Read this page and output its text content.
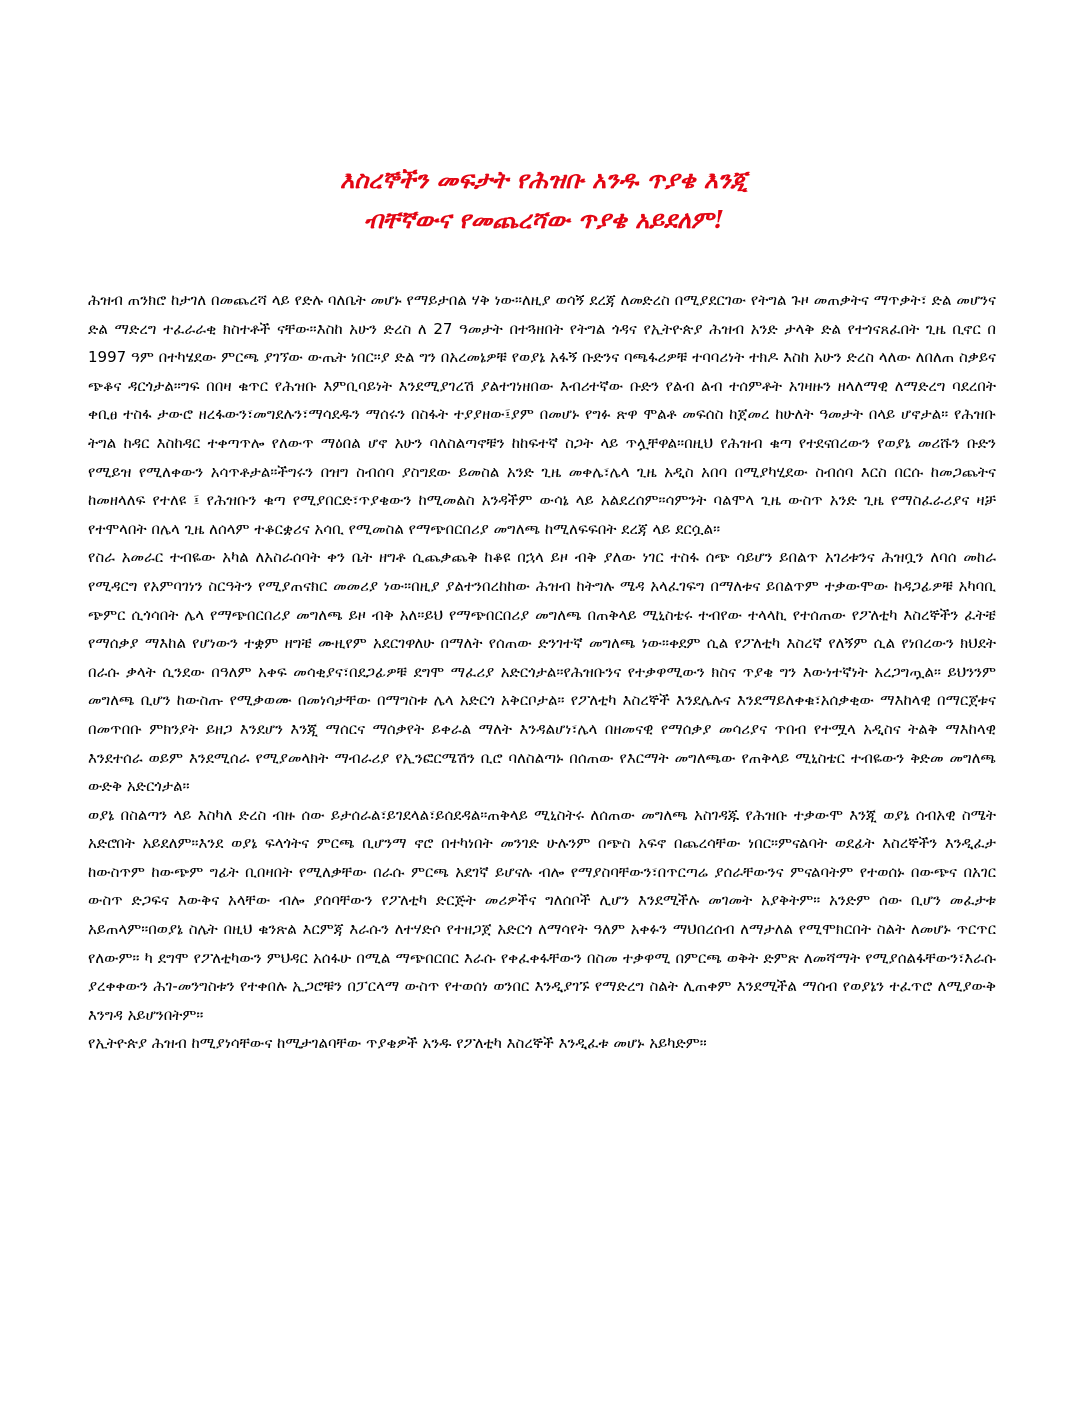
እስረኞችን መፍታት የሕዝቡ አንዱ ጥያቄ እንጂ
ብቸኛውና የመጨረሻው ጥያቄ አይደለም!

ሕዝብ ጠንክሮ ከታገለ በመጨረሻ ላይ የድሉ ባለቤት መሆኑ የማይታበል ሃቅ ነው።ለዚያ ወሳኝ ደረጃ ለመድረስ በሚያደርገው የትግል ጉዞ መጠቃትና ማጥቃት፣ ድል መሆንና ድል ማድረግ ተፈራራቂ ክስተቶች ናቸው።እስከ አሁን ድረስ ለ 27 ዓመታት በተጓዘበት የትግል ጎዳና የኢትዮጵያ ሕዝብ አንድ ታላቅ ድል የተጎናጸፈበት ጊዜ ቢኖር በ 1997 ዓም በተካሄደው ምርጫ ያገኘው ውጤት ነበር።ያ ድል ግን በአረመኔዎቹ የወያኔ አፋኝ ቡድንና ባጫፋሪዎቹ ተባባሪነት ተክዶ እስከ አሁን ድረስ ላለው ለበለጠ ስቃይና ጭቆና ዳርጎታል።ግፍ በበዛ ቁጥር የሕዝቡ እምቢባይነት እንደሚያገረሽ ያልተገነዘበው እብሪተኛው ቡድን የልብ ልብ ተሰምቶት አገዛዙን ዘላለማዊ ለማድረግ ባደረበት ቀቢፀ ተስፋ ታውሮ ዘረፋውን፣መግደሉን፣ማሳደዱን ማሰሩን በስፋት ተያያዘው፤ያም በመሆኑ የግፉ ጽዋ ሞልቶ መፍሰስ ከጀመረ ከሁለት ዓመታት በላይ ሆኖታል። የሕዝቡ ትግል ከዳር እስከዳር ተቀጣጥሎ የለውጥ ማዕበል ሆኖ አሁን ባለስልጣኖቹን ከከፍተኛ ስጋት ላይ ጥሏቸዋል።በዚህ የሕዝብ ቁጣ የተደናበረውን የወያኔ መሪሹን ቡድን የሚይዝ የሚለቀውን አሳጥቶታል።ችግሩን በዝግ ስብሰባ ያስግደው ይመስል አንድ ጊዜ መቀሌ፣ሌላ ጊዜ አዲስ አበባ በሚያካሂደው ስብሰባ እርስ በርሱ ከመጋጨትና ከመዘላለፍ የተለዩ ፤ የሕዝቡን ቁጣ የሚያበርድ፣ጥያቄውን ከሚመልስ አንዳችም ውሳኔ ላይ አልደረሰም።ሳምንት ባልሞላ ጊዜ ውስጥ አንድ ጊዜ የማስፈራሪያና ዛቻ የተሞላበት በሌላ ጊዜ ለሰላም ተቆርቋሪና አሳቢ የሚመስል የማጭበርበሪያ መግለጫ ከሚለፍፍበት ደረጃ ላይ ደርሷል።

የስራ አመራር ተብዬው አካል ለአስራሰባት ቀን ቤት ዘግቶ ሲጨቃጨቅ ከቆዩ በኋላ ይዞ ብቅ ያለው ነገር ተስፋ ሰጭ ሳይሆን ይበልጥ አገሪቱንና ሕዝቧን ለባሰ መከራ የሚዳርግ የአምባገነን ስርዓትን የሚያጠናክር መመሪያ ነው።በዚያ ያልተንበረከከው ሕዝብ ከትግሉ ሜዳ አላፈገፍግ በማለቱና ይበልጥም ተቃውሞው ከዳጋፊዎቹ አካባቢ ጭምር ሲጎሳበት ሌላ የማጭበርበሪያ መግለጫ ይዞ ብቅ አለ።ይህ የማጭበርበሪያ መግለጫ በጠቅላይ ሚኒስቴሩ ተብየው ተላላኪ የተሰጠው የፖለቲካ እስረኞችን ፈትቼ የማሰቃያ ማእከል የሆነውን ተቋም ዘግቼ ሙዚየም አደርገዋለሁ በማለት የሰጠው ድንገተኛ መግለጫ ነው።ቀደም ሲል የፖለቲካ እስረኛ የለኝም ሲል የነበረውን ክህደት በራሱ ቃላት ሲንደው በዓለም አቀፍ መሳቂያና፣በደጋፊዎቹ ደግሞ ማፈሪያ አድርጎታል።የሕዝቡንና የተቃዋሚውን ክስና ጥያቄ ግን እውነተኛነት አረጋግጧል። ይህንንም መግለጫ ቢሆን ከውስጡ የሚቃወሙ በመነሳታቸው በማግስቱ ሌላ አድርጎ አቅርቦታል። የፖለቲካ እስረኞች እንደሌሉና እንደማይለቀቁ፣አሰቃቂው ማእከላዊ በማርጀቱና በመጥበቡ ምክንያት ይዘጋ እንደሆን እንጂ ማሰርና ማሰቃየት ይቀራል ማለት እንዳልሆነ፣ሌላ በዘመናዊ የማሰቃያ መሳሪያና ጥበብ የተሟላ አዲስና ትልቅ ማእከላዊ እንደተሰራ ወይም እንደሚሰራ የሚያመላክት ማብራሪያ የኢንፎርሜሽን ቢሮ ባለስልጣኑ በሰጠው የእርማት መግለጫው የጠቅላይ ሚኒስቴር ተብዬውን ቅድመ መግለጫ ውድቅ አድርጎታል።

ወያኔ በስልጣን ላይ እስካለ ድረስ ብዙ ሰው ይታሰራል፣ይገደላል፣ይሰደዳል።ጠቅላይ ሚኒስትሩ ለሰጠው መግለጫ አስገዳጁ የሕዝቡ ተቃውሞ እንጂ ወያኔ ሰብአዊ ስሜት አድሮበት አይደለም።እንደ ወያኔ ፍላጎትና ምርጫ ቢሆንማ ኖሮ በተካነበት መንገድ ሁሉንም በጭስ አፍኖ በጨረሳቸው ነበር።ምናልባት ወደፊት እስረኞችን እንዲፈታ ከውስጥም ከውጭም ግፊት ቢበዛበት የሚለቃቸው በራሱ ምርጫ አደገኛ ይሆናሉ ብሎ የማያስባቸውን፣በጥርጣሬ ያሰራቸውንና ምናልባትም የተወሰኑ በውጭና በአገር ውስጥ ድጋፍና እውቅና አላቸው ብሎ ያሰባቸውን የፖለቲካ ድርጅት መሪዎችና ግለሰቦች ሊሆን እንደሚችሉ መገመት አያቅትም። አንድም ሰው ቢሆን መፈታቱ አይጠላም።በወያኔ ስሌት በዚህ ቁንጽል እርምጃ እራሱን ለተሃድሶ የተዘጋጀ አድርጎ ለማሳየት ዓለም አቀፉን ማህበረሰብ ለማታለል የሚሞክርበት ስልት ለመሆኑ ጥርጥር የለውም። ካ ደግሞ የፖለቲካውን ምህዳር አሰፋሁ በሚል ማጭበርበር እራሱ የቀፈቀፋቸውን በስመ ተቃዋሚ በምርጫ ወቅት ድምጽ ለመሻማት የሚያሰልፋቸውን፣እራሱ ያረቀቀውን ሕገ-መንግስቱን የተቀበሉ ኢጋሮቹን በፓርላማ ውስጥ የተወሰነ ወንበር እንዲያገኙ የማድረግ ስልት ሊጠቀም እንደሚችል ማሰብ የወያኔን ተፈጥሮ ለሚያውቅ እንግዳ አይሆንበትም።

የኢትዮጵያ ሕዝብ ከሚያነሳቸውና ከሚታገልባቸው ጥያቄዎች አንዱ የፖለቲካ እስረኞች እንዲፈቱ መሆኑ አይካድም።
